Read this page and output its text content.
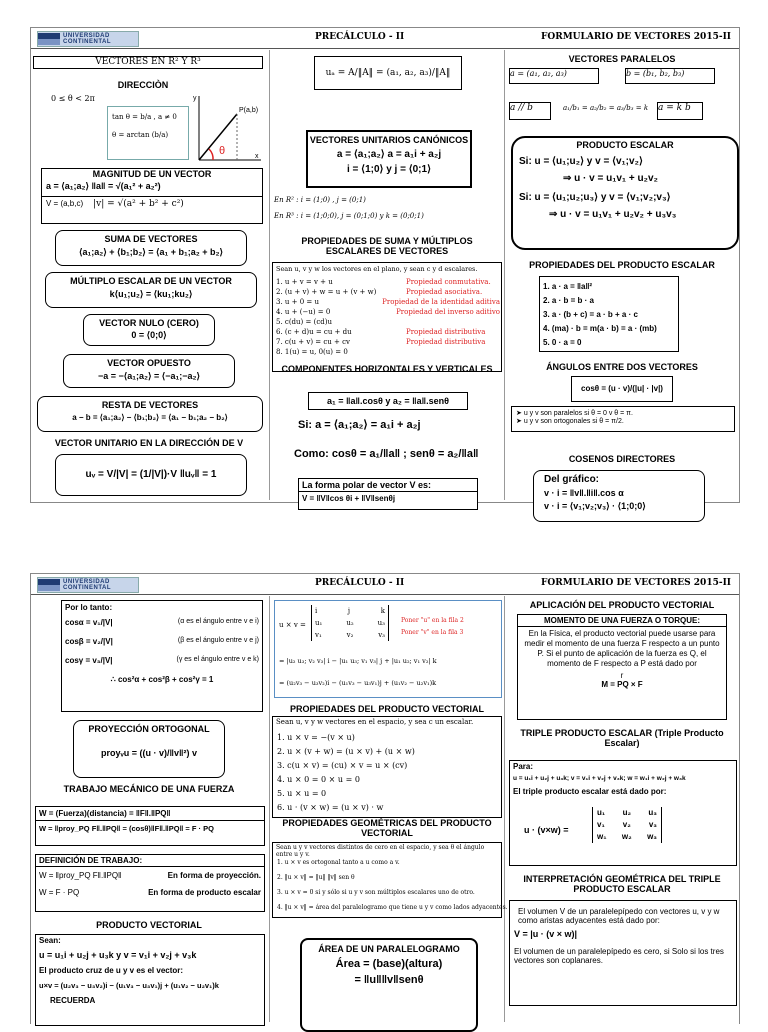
UNIVERSIDAD
CONTINENTAL	PRECÁLCULO - II	FORMULARIO DE VECTORES 2015-II
VECTORES EN R² Y R³
DIRECCIÒN
0 ≤ θ < 2π
tan θ = b/a , a ≠ 0
θ = arctan (b/a)
θ
P(a,b)
y
x
MAGNITUD DE UN VECTOR
a = ⟨a₁;a₂⟩ ‖a‖ = √(a₁² + a₂²)
V = (a,b,c) |v| = √(a² + b² + c²)
SUMA DE VECTORES
⟨a₁;a₂⟩ + ⟨b₁;b₂⟩ = ⟨a₁ + b₁;a₂ + b₂⟩
MÚLTIPLO ESCALAR DE UN VECTOR
k⟨u₁;u₂⟩ = ⟨ku₁;ku₂⟩
VECTOR NULO (CERO)
0 = ⟨0;0⟩
VECTOR OPUESTO
−a = −⟨a₁;a₂⟩ = ⟨−a₁;−a₂⟩
RESTA DE VECTORES
a − b = ⟨a₁;a₂⟩ − ⟨b₁;b₂⟩ = ⟨a₁ − b₁;a₂ − b₂⟩
VECTOR UNITARIO EN LA DIRECCIÓN DE V
uᵥ = V/|V| = (1/|V|)·V ‖uᵥ‖ = 1
uₐ = A/‖A‖ = (a₁, a₂, a₃)/‖A‖
VECTORES UNITARIOS CANÓNICOS
a = ⟨a₁;a₂⟩ a = a₁i + a₂j
i = ⟨1;0⟩ y j = ⟨0;1⟩
En R² : i = (1;0) , j = (0;1)
En R³ : i = (1;0;0), j = (0;1;0) y k = (0;0;1)
PROPIEDADES DE SUMA Y MÚLTIPLOS ESCALARES DE VECTORES
Sean u, v y w los vectores en el plano, y sean c y d escalares.
1. u + v = v + u	Propiedad conmutativa.
2. (u + v) + w = u + (v + w)	Propiedad asociativa.
3. u + 0 = u	Propiedad de la identidad aditiva
4. u + (−u) = 0	Propiedad del inverso aditivo
5. c(du) = (cd)u
6. (c + d)u = cu + du	Propiedad distributiva
7. c(u + v) = cu + cv	Propiedad distributiva
8. 1(u) = u, 0(u) = 0
COMPONENTES HORIZONTALES Y VERTICALES
a₁ = ‖a‖.cosθ y a₂ = ‖a‖.senθ
Si: a = ⟨a₁;a₂⟩ = a₁i + a₂j
Como: cosθ = a₁/‖a‖ ; senθ = a₂/‖a‖
La forma polar de vector V es:
V = ‖V‖cos θi + ‖V‖senθj
VECTORES PARALELOS
a = (a₁, a₂, a₃)	b = (b₁, b₂, b₃)
a // b	a₁/b₁ = a₂/b₂ = a₃/b₃ = k a = k b
PRODUCTO ESCALAR
Si: u = ⟨u₁;u₂⟩ y v = ⟨v₁;v₂⟩
⇒ u · v = u₁v₁ + u₂v₂
Si: u = ⟨u₁;u₂;u₃⟩ y v = ⟨v₁;v₂;v₃⟩
⇒ u · v = u₁v₁ + u₂v₂ + u₃v₃
PROPIEDADES DEL PRODUCTO ESCALAR
1. a · a = ‖a‖²
2. a · b = b · a
3. a · (b + c) = a · b + a · c
4. (ma) · b = m(a · b) = a · (mb)
5. 0 · a = 0
ÁNGULOS ENTRE DOS VECTORES
cosθ = (u · v)/(|u| · |v|)
➤ u y v son paralelos si θ = 0 v θ = π.
➤ u y v son ortogonales si θ = π/2.
COSENOS DIRECTORES
Del gráfico:
v · i = ‖v‖.‖i‖.cos α
v · i = ⟨v₁;v₂;v₃⟩ · ⟨1;0;0⟩
UNIVERSIDAD
CONTINENTAL	PRECÁLCULO - II	FORMULARIO DE VECTORES 2015-II
Por lo tanto:
cosα = v₁/|V|	(α es el ángulo entre v e i)
cosβ = v₂/|V|	(β es el ángulo entre v e j)
cosγ = v₃/|V|	(γ es el ángulo entre v e k)
∴ cos²α + cos²β + cos²γ = 1
PROYECCIÓN ORTOGONAL
proyᵥu = ((u · v)/‖v‖²) v
TRABAJO MECÁNICO DE UNA FUERZA
W = (Fuerza)(distancia) = ‖F‖.‖PQ‖
W = ‖proy_PQ F‖.‖PQ‖ = (cosθ)‖F‖.‖PQ‖ = F · PQ
DEFINICIÓN DE TRABAJO:
W = ‖proy_PQ F‖.‖PQ‖	En forma de proyección.
W = F · PQ	En forma de producto escalar
PRODUCTO VECTORIAL
Sean:
u = u₁i + u₂j + u₃k y v = v₁i + v₂j + v₃k
El producto cruz de u y v es el vector:
u×v = (u₂v₃ − u₃v₂)i − (u₁v₃ − u₃v₁)j + (u₁v₂ − u₂v₁)k
RECUERDA
u × v =
i	j	k
u₁	u₂	u₃
v₁	v₂	v₃
Poner "u" en la fila 2
Poner "v" en la fila 3
= |u₂ u₃; v₂ v₃| i − |u₁ u₃; v₁ v₃| j + |u₁ u₂; v₁ v₂| k
= (u₂v₃ − u₃v₂)i − (u₁v₃ − u₃v₁)j + (u₁v₂ − u₂v₁)k
PROPIEDADES DEL PRODUCTO VECTORIAL
Sean u, v y w vectores en el espacio, y sea c un escalar.
1. u × v = −(v × u)
2. u × (v + w) = (u × v) + (u × w)
3. c(u × v) = (cu) × v = u × (cv)
4. u × 0 = 0 × u = 0
5. u × u = 0
6. u · (v × w) = (u × v) · w
PROPIEDADES GEOMÉTRICAS DEL PRODUCTO VECTORIAL
Sean u y v vectores distintos de cero en el espacio, y sea θ el ángulo entre u y v.
1. u × v es ortogonal tanto a u como a v.
2. ‖u × v‖ = ‖u‖ ‖v‖ sen θ
3. u × v = 0 si y sólo si u y v son múltiplos escalares uno de otro.
4. ‖u × v‖ = área del paralelogramo que tiene u y v como lados adyacentes.
ÁREA DE UN PARALELOGRAMO
Área = (base)(altura)
= ‖u‖‖v‖senθ
APLICACIÓN DEL PRODUCTO VECTORIAL
MOMENTO DE UNA FUERZA O TORQUE:
En la Física, el producto vectorial puede usarse para medir el momento de una fuerza F respecto a un punto P. Si el punto de aplicación de la fuerza es Q, el momento de F respecto a P está dado por
r
M = PQ × F
TRIPLE PRODUCTO ESCALAR (Triple Producto Escalar)
Para:
u = u₁i + u₂j + u₃k; v = v₁i + v₂j + v₃k; w = w₁i + w₂j + w₃k
El triple producto escalar está dado por:
u · (v×w) =
u₁ u₂ u₃
v₁ v₂ v₃
w₁ w₂ w₃
INTERPRETACIÓN GEOMÉTRICA DEL TRIPLE PRODUCTO ESCALAR
El volumen V de un paralelepípedo con vectores u, v y w como aristas adyacentes está dado por:
V = |u · (v × w)|
El volumen de un paralelepípedo es cero, si Solo si los tres vectores son coplanares.
